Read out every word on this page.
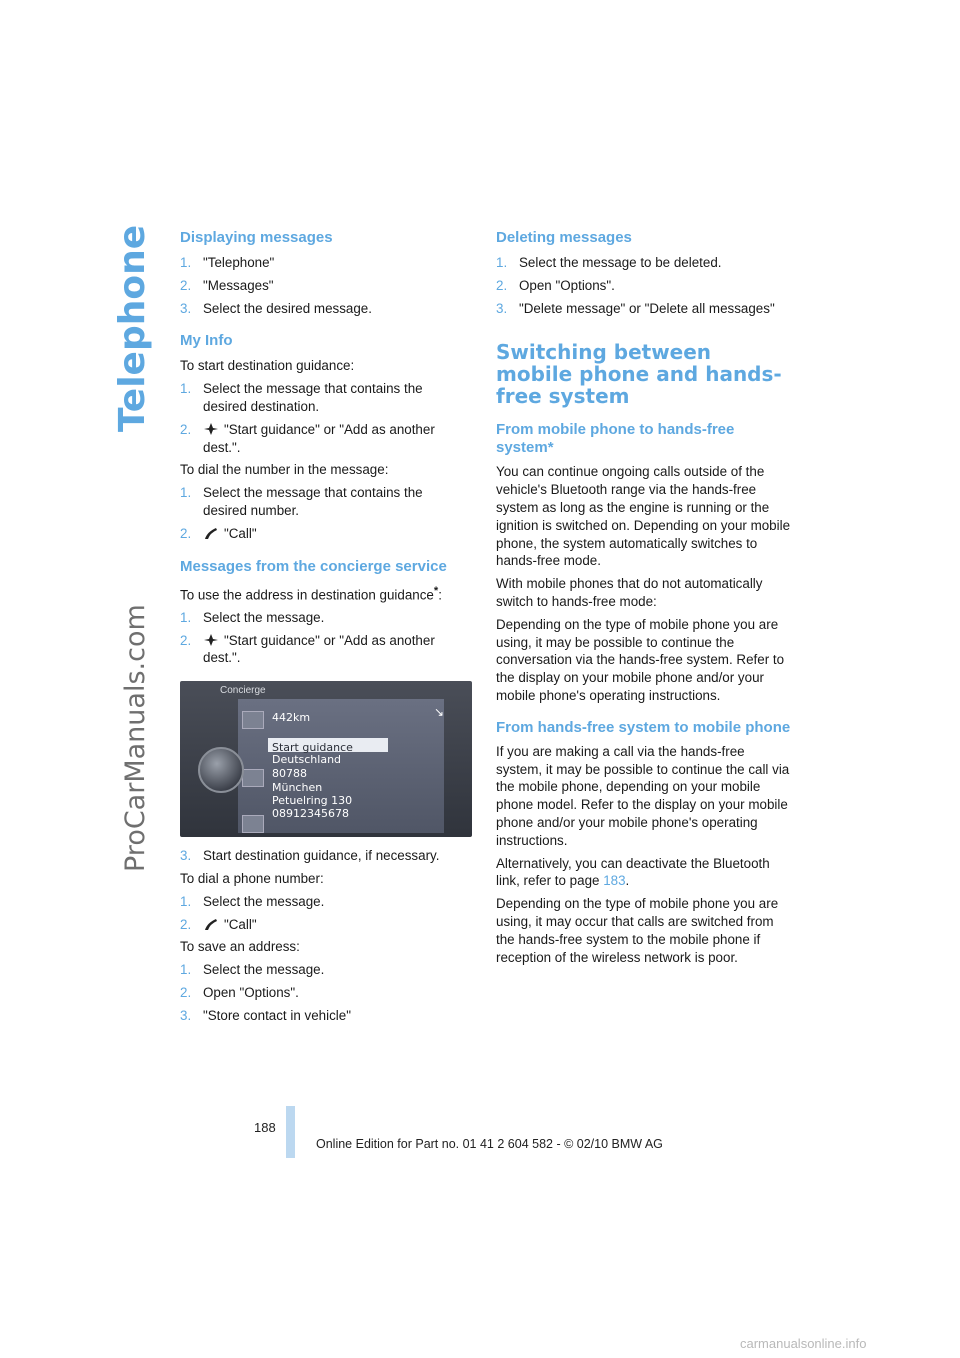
Telephone
ProCarManuals.com
Displaying messages
1. "Telephone"
2. "Messages"
3. Select the desired message.
My Info

To start destination guidance:

1. Select the message that contains the desired destination.
2. "Start guidance" or "Add as another dest.".

To dial the number in the message:

1. Select the message that contains the desired number.
2. "Call"
Messages from the concierge service

To use the address in destination guidance*:

1. Select the message.
2. "Start guidance" or "Add as another dest.".
Concierge
442km	↘
Start guidance
Deutschland
80788
München
Petuelring 130
08912345678
3. Start destination guidance, if necessary.

To dial a phone number:

1. Select the message.
2. "Call"

To save an address:

1. Select the message.
2. Open "Options".
3. "Store contact in vehicle"
Deleting messages
1. Select the message to be deleted.
2. Open "Options".
3. "Delete message" or "Delete all messages"
Switching between mobile phone and hands-free system
From mobile phone to hands-free system*

You can continue ongoing calls outside of the vehicle's Bluetooth range via the hands-free system as long as the engine is running or the ignition is switched on. Depending on your mobile phone, the system automatically switches to hands-free mode.

With mobile phones that do not automatically switch to hands-free mode:

Depending on the type of mobile phone you are using, it may be possible to continue the conversation via the hands-free system. Refer to the display on your mobile phone and/or your mobile phone's operating instructions.

From hands-free system to mobile phone

If you are making a call via the hands-free system, it may be possible to continue the call via the mobile phone, depending on your mobile phone model. Refer to the display on your mobile phone and/or your mobile phone's operating instructions.

Alternatively, you can deactivate the Bluetooth link, refer to page 183.

Depending on the type of mobile phone you are using, it may occur that calls are switched from the hands-free system to the mobile phone if reception of the wireless network is poor.

188
Online Edition for Part no. 01 41 2 604 582 - © 02/10 BMW AG
carmanualsonline.info
